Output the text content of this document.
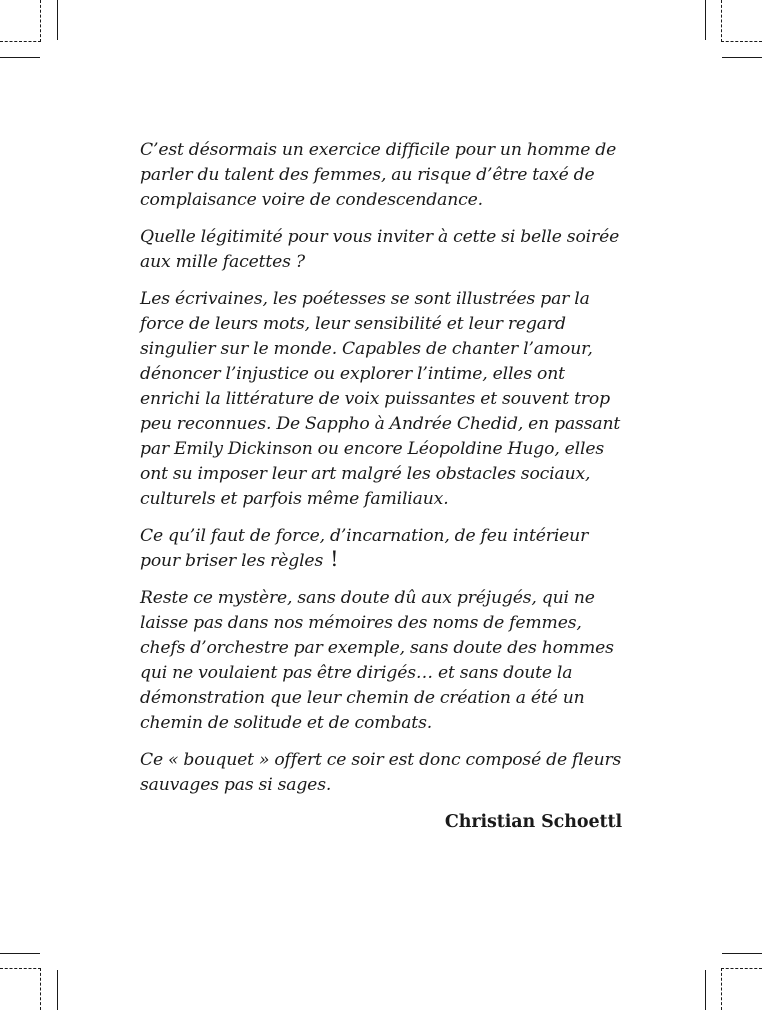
C’est désormais un exercice difficile pour un homme de
parler du talent des femmes, au risque d’être taxé de
complaisance voire de condescendance.

Quelle légitimité pour vous inviter à cette si belle soirée
aux mille facettes ?

Les écrivaines, les poétesses se sont illustrées par la
force de leurs mots, leur sensibilité et leur regard
singulier sur le monde. Capables de chanter l’amour,
dénoncer l’injustice ou explorer l’intime, elles ont
enrichi la littérature de voix puissantes et souvent trop
peu reconnues. De Sappho à Andrée Chedid, en passant
par Emily Dickinson ou encore Léopoldine Hugo, elles
ont su imposer leur art malgré les obstacles sociaux,
culturels et parfois même familiaux.

Ce qu’il faut de force, d’incarnation, de feu intérieur
pour briser les règles !

Reste ce mystère, sans doute dû aux préjugés, qui ne
laisse pas dans nos mémoires des noms de femmes,
chefs d’orchestre par exemple, sans doute des hommes
qui ne voulaient pas être dirigés… et sans doute la
démonstration que leur chemin de création a été un
chemin de solitude et de combats.

Ce « bouquet » offert ce soir est donc composé de fleurs
sauvages pas si sages.

Christian Schoettl
